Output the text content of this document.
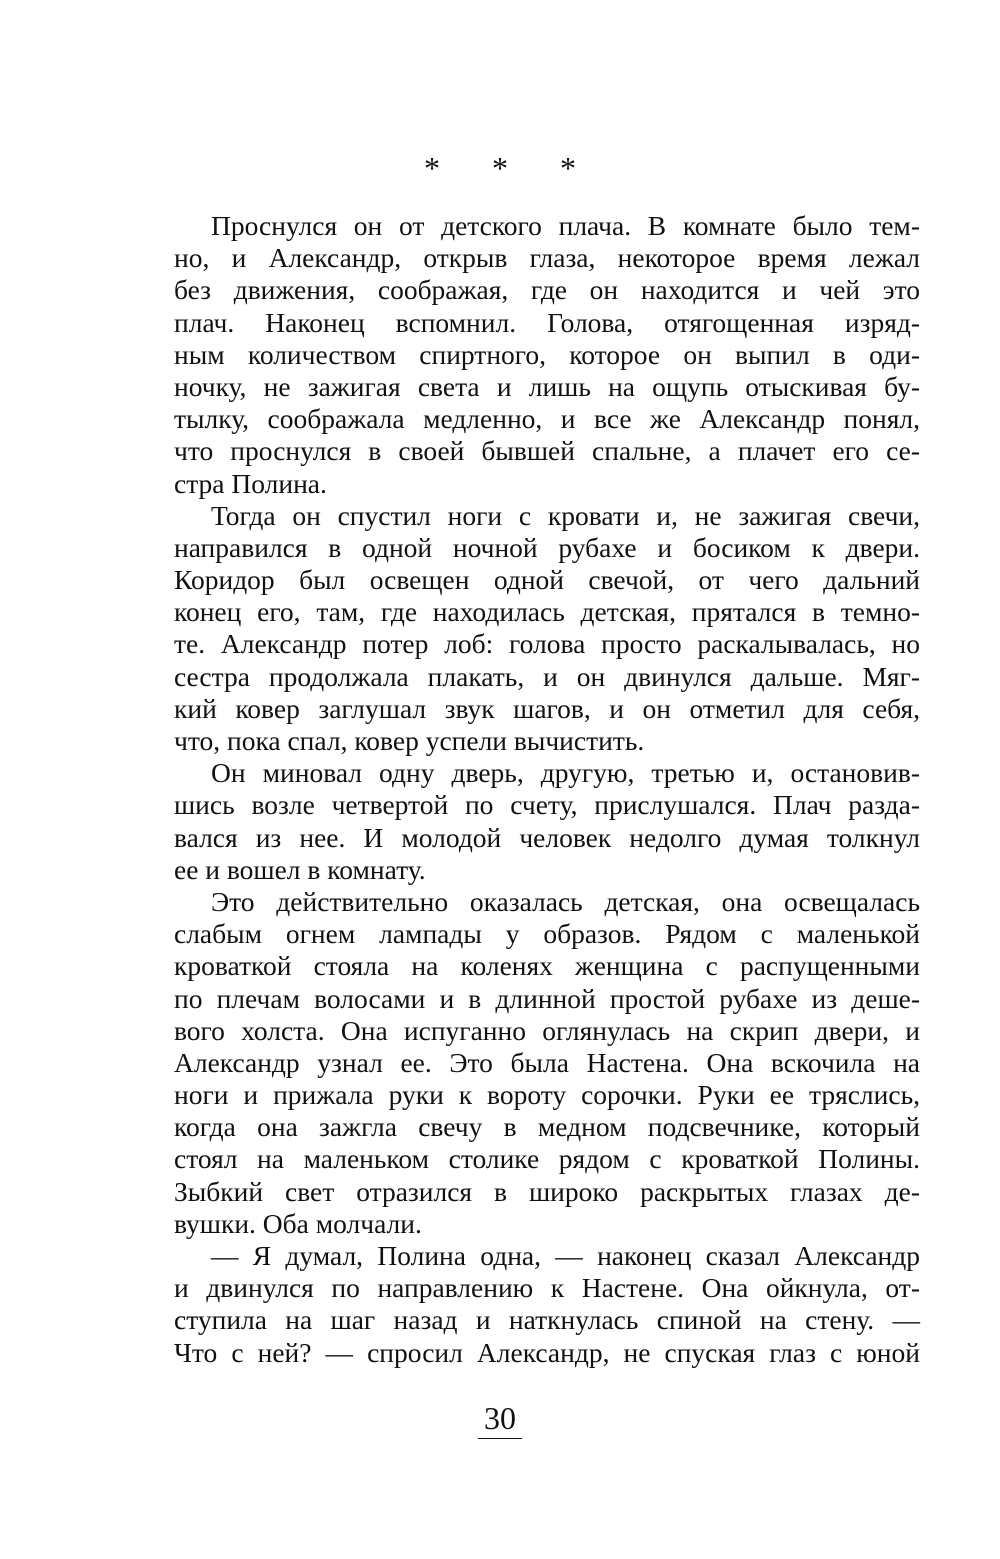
* * *
Проснулся он от детского плача. В комнате было тем-
но, и Александр, открыв глаза, некоторое время лежал
без движения, соображая, где он находится и чей это
плач. Наконец вспомнил. Голова, отягощенная изряд-
ным количеством спиртного, которое он выпил в оди-
ночку, не зажигая света и лишь на ощупь отыскивая бу-
тылку, соображала медленно, и все же Александр понял,
что проснулся в своей бывшей спальне, а плачет его се-
стра Полина.
Тогда он спустил ноги с кровати и, не зажигая свечи,
направился в одной ночной рубахе и босиком к двери.
Коридор был освещен одной свечой, от чего дальний
конец его, там, где находилась детская, прятался в темно-
те. Александр потер лоб: голова просто раскалывалась, но
сестра продолжала плакать, и он двинулся дальше. Мяг-
кий ковер заглушал звук шагов, и он отметил для себя,
что, пока спал, ковер успели вычистить.
Он миновал одну дверь, другую, третью и, остановив-
шись возле четвертой по счету, прислушался. Плач разда-
вался из нее. И молодой человек недолго думая толкнул
ее и вошел в комнату.
Это действительно оказалась детская, она освещалась
слабым огнем лампады у образов. Рядом с маленькой
кроваткой стояла на коленях женщина с распущенными
по плечам волосами и в длинной простой рубахе из деше-
вого холста. Она испуганно оглянулась на скрип двери, и
Александр узнал ее. Это была Настена. Она вскочила на
ноги и прижала руки к вороту сорочки. Руки ее тряслись,
когда она зажгла свечу в медном подсвечнике, который
стоял на маленьком столике рядом с кроваткой Полины.
Зыбкий свет отразился в широко раскрытых глазах де-
вушки. Оба молчали.
— Я думал, Полина одна, — наконец сказал Александр
и двинулся по направлению к Настене. Она ойкнула, от-
ступила на шаг назад и наткнулась спиной на стену. —
Что с ней? — спросил Александр, не спуская глаз с юной
30
